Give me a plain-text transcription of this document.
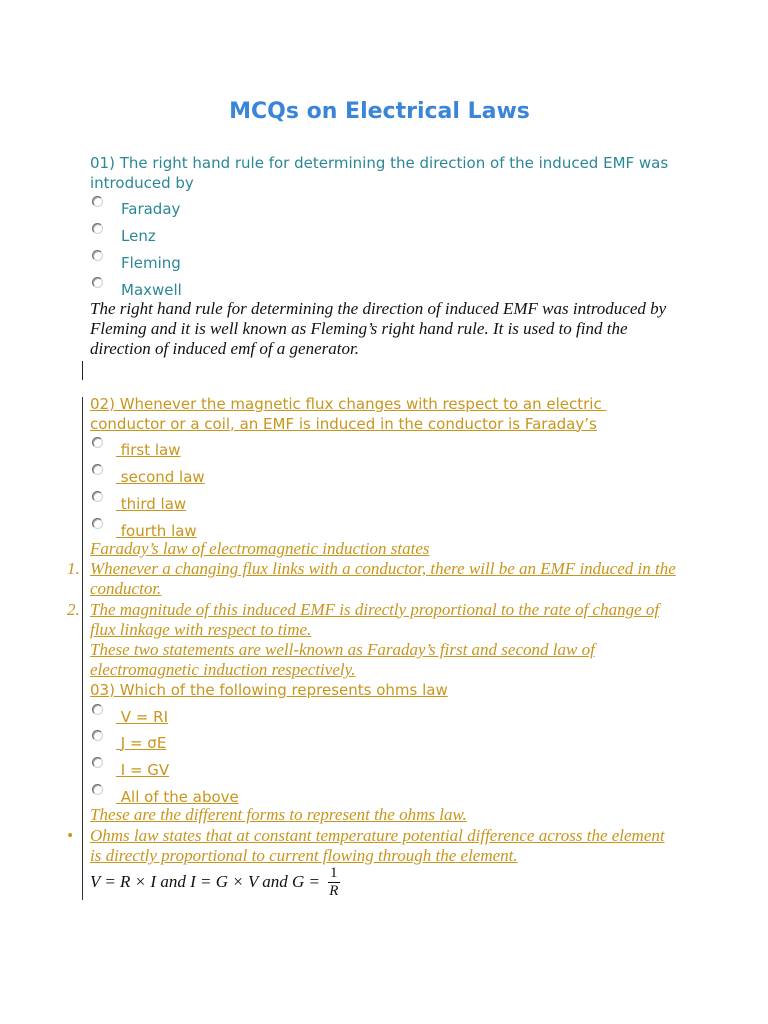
MCQs on Electrical Laws
01) The right hand rule for determining the direction of the induced EMF was
introduced by
Faraday
Lenz
Fleming
Maxwell
The right hand rule for determining the direction of induced EMF was introduced by
Fleming and it is well known as Fleming’s right hand rule. It is used to find the
direction of induced emf of a generator.
02) Whenever the magnetic flux changes with respect to an electric
conductor or a coil, an EMF is induced in the conductor is Faraday’s
first law
second law
third law
fourth law
Faraday’s law of electromagnetic induction states
1. Whenever a changing flux links with a conductor, there will be an EMF induced in the
conductor.
2. The magnitude of this induced EMF is directly proportional to the rate of change of
flux linkage with respect to time.
These two statements are well-known as Faraday’s first and second law of
electromagnetic induction respectively.
03) Which of the following represents ohms law
V = RI
J = σE
I = GV
All of the above
These are the different forms to represent the ohms law.
•	Ohms law states that at constant temperature potential difference across the element
is directly proportional to current flowing through the element.
V = R × I and I = G × V and $G = \frac{1}{R}$
